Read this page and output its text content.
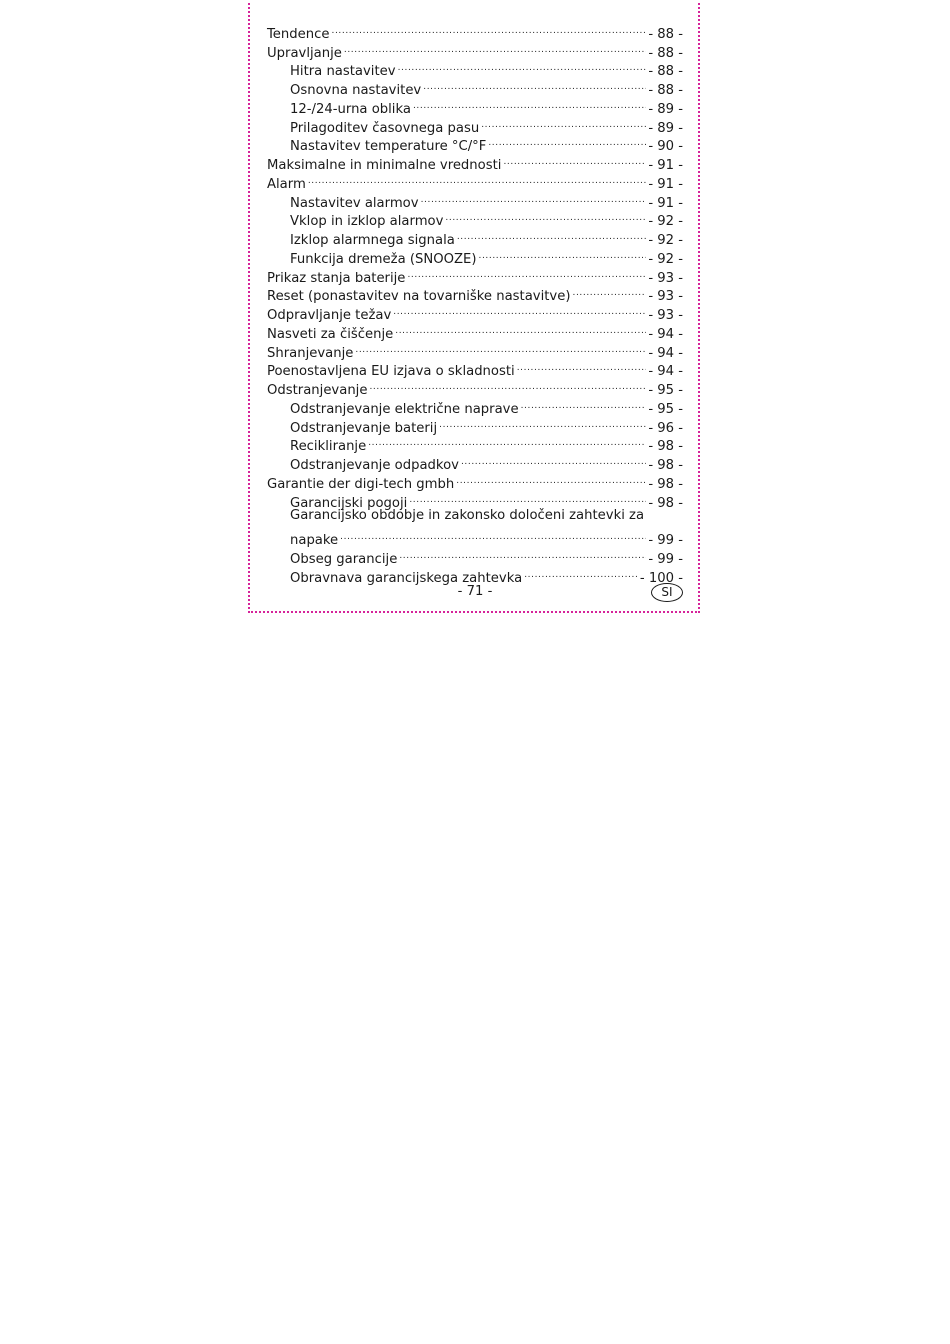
Tendence .....	- 88 -
Upravljanje .....	- 88 -
Hitra nastavitev .....	- 88 -
Osnovna nastavitev .....	- 88 -
12-/24-urna oblika .....	- 89 -
Prilagoditev časovnega pasu .....	- 89 -
Nastavitev temperature °C/°F .....	- 90 -
Maksimalne in minimalne vrednosti .....	- 91 -
Alarm .....	- 91 -
Nastavitev alarmov .....	- 91 -
Vklop in izklop alarmov .....	- 92 -
Izklop alarmnega signala .....	- 92 -
Funkcija dremeža (SNOOZE) .....	- 92 -
Prikaz stanja baterije .....	- 93 -
Reset (ponastavitev na tovarniške nastavitve) .....	- 93 -
Odpravljanje težav .....	- 93 -
Nasveti za čiščenje .....	- 94 -
Shranjevanje .....	- 94 -
Poenostavljena EU izjava o skladnosti .....	- 94 -
Odstranjevanje .....	- 95 -
Odstranjevanje električne naprave .....	- 95 -
Odstranjevanje baterij .....	- 96 -
Recikliranje .....	- 98 -
Odstranjevanje odpadkov .....	- 98 -
Garantie der digi-tech gmbh .....	- 98 -
Garancijski pogoji .....	- 98 -
Garancijsko obdobje in zakonsko določeni zahtevki za
napake .....	- 99 -
Obseg garancije .....	- 99 -
Obravnava garancijskega zahtevka .....	- 100 -
- 71 -	SI
